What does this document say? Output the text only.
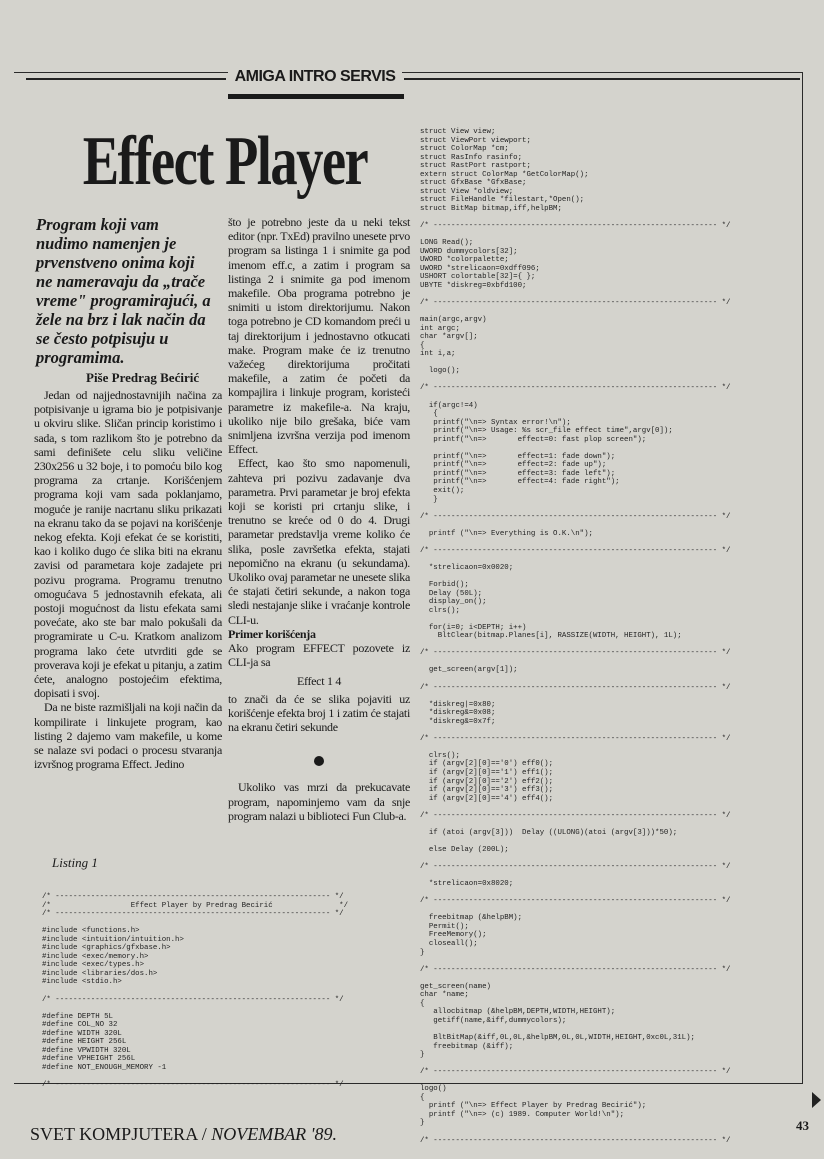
AMIGA INTRO SERVIS
Effect Player
Program koji vam nudimo namenjen je prvenstveno onima koji ne nameravaju da „trače vreme" programirajući, a žele na brz i lak način da se često potpisuju u programima.
Piše Predrag Bećirić

Jedan od najjednostavnijih načina za potpisivanje u igrama bio je potpisivanje u okviru slike. Sličan princip koristimo i sada, s tom razlikom što je potrebno da sami definišete celu sliku veličine 230x256 u 32 boje, i to pomoću bilo kog programa za crtanje. Korišćenjem programa koji vam sada poklanjamo, moguće je ranije nacrtanu sliku prikazati na ekranu tako da se pojavi na korišćenje nekog efekta. Koji efekat će se koristiti, kao i koliko dugo će slika biti na ekranu zavisi od parametara koje zadajete pri pozivu programa. Programu trenutno omogućava 5 jednostavnih efekata, ali postoji mogućnost da listu efekata sami povećate, ako ste bar malo pokušali da programirate u C-u. Kratkom analizom programa lako ćete utvrditi gde se proverava koji je efekat u pitanju, a zatim ćete, analogno postojećim efektima, dopisati i svoj.

Da ne biste razmišljali na koji način da kompilirate i linkujete program, kao listing 2 dajemo vam makefile, u kome se nalaze svi podaci o procesu stvaranja izvršnog programa Effect. Jedino

što je potrebno jeste da u neki tekst editor (npr. TxEd) pravilno unesete prvo program sa listinga 1 i snimite ga pod imenom eff.c, a zatim i program sa listinga 2 i snimite ga pod imenom makefile. Oba programa potrebno je snimiti u istom direktorijumu. Nakon toga potrebno je CD komandom preći u taj direktorijum i jednostavno otkucati make. Program make će iz trenutno važećeg direktorijuma pročitati makefile, a zatim će početi da kompajlira i linkuje program, koristeći parametre iz makefile-a. Na kraju, ukoliko nije bilo grešaka, biće vam snimljena izvršna verzija pod imenom Effect.

Effect, kao što smo napomenuli, zahteva pri pozivu zadavanje dva parametra. Prvi parametar je broj efekta koji se koristi pri crtanju slike, i trenutno se kreće od 0 do 4. Drugi parametar predstavlja vreme koliko će slika, posle završetka efekta, stajati nepomično na ekranu (u sekundama). Ukoliko ovaj parametar ne unesete slika će stajati četiri sekunde, a nakon toga sledi nestajanje slike i vraćanje kontrole CLI-u.

Primer korišćenja

Ako program EFFECT pozovete iz CLI-ja sa

Effect 1 4

to znači da će se slika pojaviti uz korišćenje efekta broj 1 i zatim će stajati na ekranu četiri sekunde

Ukoliko vas mrzi da prekucavate program, napominjemo vam da snje program nalazi u biblioteci Fun Club-a.

Listing 1
struct View view;
struct ViewPort viewport;
struct ColorMap *cm;
struct RasInfo rasinfo;
struct RastPort rastport;
extern struct ColorMap *GetColorMap();
struct GfxBase *GfxBase;
struct View *oldview;
struct FileHandle *filestart,*Open();
struct BitMap bitmap,iff,helpBM;

/* ---------------------------------------------------------------- */

LONG Read();
UWORD dummycolors[32];
UWORD *colorpalette;
UWORD *strelicaon=0xdff096;
USHORT colortable[32]={ };
UBYTE *diskreg=0xbfd100;

/* ---------------------------------------------------------------- */

main(argc,argv)
int argc;
char *argv[];
{
int i,a;

logo();

/* ---------------------------------------------------------------- */

if(argc!=4)
{
printf("\n=> Syntax error!\n");
printf("\n=> Usage: %s scr_file effect time",argv[0]);
printf("\n=>       effect=0: fast plop screen");

printf("\n=>       effect=1: fade down");
printf("\n=>       effect=2: fade up");
printf("\n=>       effect=3: fade left");
printf("\n=>       effect=4: fade right");
exit();
}

/* ---------------------------------------------------------------- */

printf ("\n=> Everything is O.K.\n");

/* ---------------------------------------------------------------- */

*strelicaon=0x0020;

Forbid();
Delay (50L);
display_on();
clrs();

for(i=0; i<DEPTH; i++)
BltClear(bitmap.Planes[i], RASSIZE(WIDTH, HEIGHT), 1L);

/* ---------------------------------------------------------------- */

get_screen(argv[1]);

/* ---------------------------------------------------------------- */

*diskreg|=0x80;
*diskreg&=0x08;
*diskreg&=0x7f;

/* ---------------------------------------------------------------- */

clrs();
if (argv[2][0]=='0') eff0();
if (argv[2][0]=='1') eff1();
if (argv[2][0]=='2') eff2();
if (argv[2][0]=='3') eff3();
if (argv[2][0]=='4') eff4();

/* ---------------------------------------------------------------- */

if (atoi (argv[3]))  Delay ((ULONG)(atoi (argv[3]))*50);

else Delay (200L);

/* ---------------------------------------------------------------- */

*strelicaon=0x8020;

/* ---------------------------------------------------------------- */

freebitmap (&helpBM);
Permit();
FreeMemory();
closeall();
}

/* ---------------------------------------------------------------- */

get_screen(name)
char *name;
{
allocbitmap (&helpBM,DEPTH,WIDTH,HEIGHT);
getiff(name,&iff,dummycolors);

BltBitMap(&iff,0L,0L,&helpBM,0L,0L,WIDTH,HEIGHT,0xc0L,31L);
freebitmap (&iff);
}

/* ---------------------------------------------------------------- */

logo()
{
printf ("\n=> Effect Player by Predrag Becirić");
printf ("\n=> (c) 1989. Computer World!\n");
}

/* ---------------------------------------------------------------- */
/* -------------------------------------------------------------- */
/*                  Effect Player by Predrag Becirić               */
/* -------------------------------------------------------------- */

#include <functions.h>
#include <intuition/intuition.h>
#include <graphics/gfxbase.h>
#include <exec/memory.h>
#include <exec/types.h>
#include <libraries/dos.h>
#include <stdio.h>

/* -------------------------------------------------------------- */

#define DEPTH 5L
#define COL_NO 32
#define WIDTH 320L
#define HEIGHT 256L
#define VPWIDTH 320L
#define VPHEIGHT 256L
#define NOT_ENOUGH_MEMORY -1

/* -------------------------------------------------------------- */
SVET KOMPJUTERA / NOVEMBAR '89.	43
